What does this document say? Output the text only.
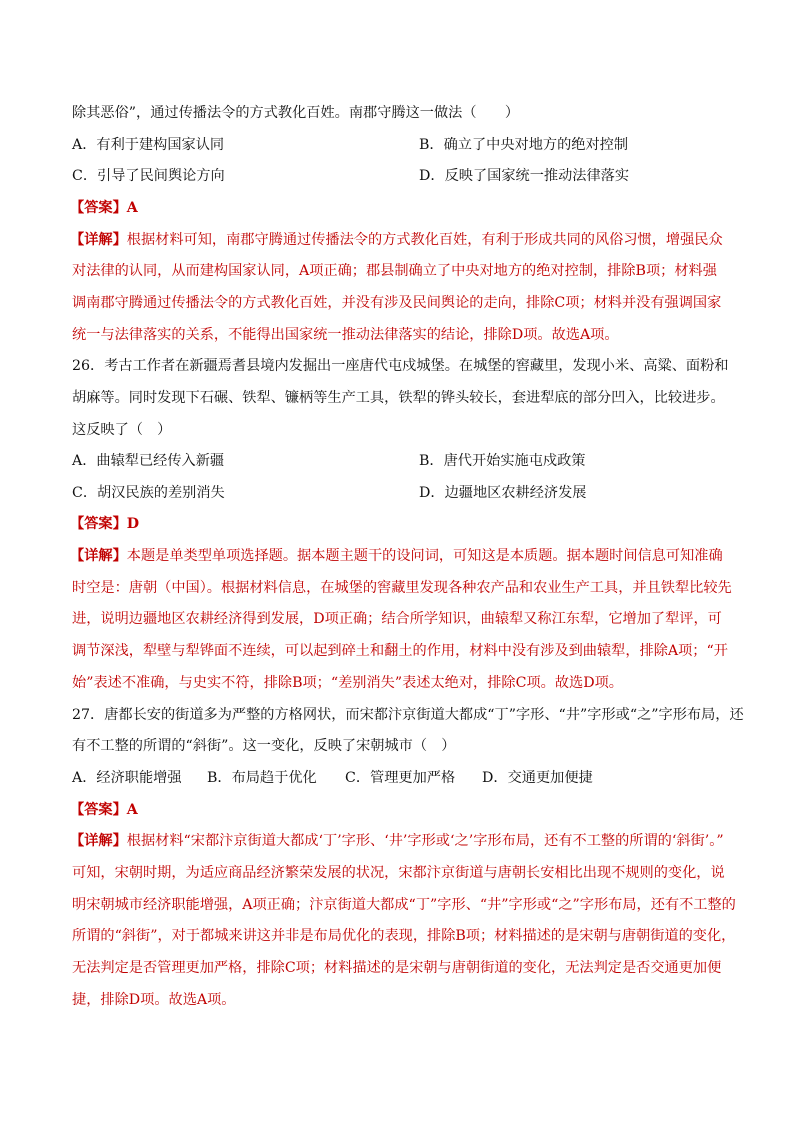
除其恶俗”，通过传播法令的方式教化百姓。南郡守腾这一做法（　　）
A．有利于建构国家认同	B．确立了中央对地方的绝对控制
C．引导了民间舆论方向	D．反映了国家统一推动法律落实
【答案】A
【详解】根据材料可知，南郡守腾通过传播法令的方式教化百姓，有利于形成共同的风俗习惯，增强民众
对法律的认同，从而建构国家认同，A项正确；郡县制确立了中央对地方的绝对控制，排除B项；材料强
调南郡守腾通过传播法令的方式教化百姓，并没有涉及民间舆论的走向，排除C项；材料并没有强调国家
统一与法律落实的关系，不能得出国家统一推动法律落实的结论，排除D项。故选A项。
26．考古工作者在新疆焉耆县境内发掘出一座唐代屯戍城堡。在城堡的窖藏里，发现小米、高粱、面粉和
胡麻等。同时发现下石碾、铁犁、镰柄等生产工具，铁犁的铧头较长，套进犁底的部分凹入，比较进步。
这反映了（　）
A．曲辕犁已经传入新疆	B．唐代开始实施屯戍政策
C．胡汉民族的差别消失	D．边疆地区农耕经济发展
【答案】D
【详解】本题是单类型单项选择题。据本题主题干的设问词，可知这是本质题。据本题时间信息可知准确
时空是：唐朝（中国）。根据材料信息，在城堡的窖藏里发现各种农产品和农业生产工具，并且铁犁比较先
进，说明边疆地区农耕经济得到发展，D项正确；结合所学知识，曲辕犁又称江东犁，它增加了犁评，可
调节深浅，犁壁与犁铧面不连续，可以起到碎土和翻土的作用，材料中没有涉及到曲辕犁，排除A项；“开
始”表述不准确，与史实不符，排除B项；“差别消失”表述太绝对，排除C项。故选D项。
27．唐都长安的街道多为严整的方格网状，而宋都汴京街道大都成“丁”字形、“井”字形或“之”字形布局，还
有不工整的所谓的“斜街”。这一变化，反映了宋朝城市（　）
A．经济职能增强 B．布局趋于优化 C．管理更加严格 D．交通更加便捷
【答案】A
【详解】根据材料“宋都汴京街道大都成‘丁’字形、‘井’字形或‘之’字形布局，还有不工整的所谓的‘斜街’。”
可知，宋朝时期，为适应商品经济繁荣发展的状况，宋都汴京街道与唐朝长安相比出现不规则的变化，说
明宋朝城市经济职能增强，A项正确；汴京街道大都成“丁”字形、“井”字形或“之”字形布局，还有不工整的
所谓的“斜街”，对于都城来讲这并非是布局优化的表现，排除B项；材料描述的是宋朝与唐朝街道的变化，
无法判定是否管理更加严格，排除C项；材料描述的是宋朝与唐朝街道的变化，无法判定是否交通更加便
捷，排除D项。故选A项。
